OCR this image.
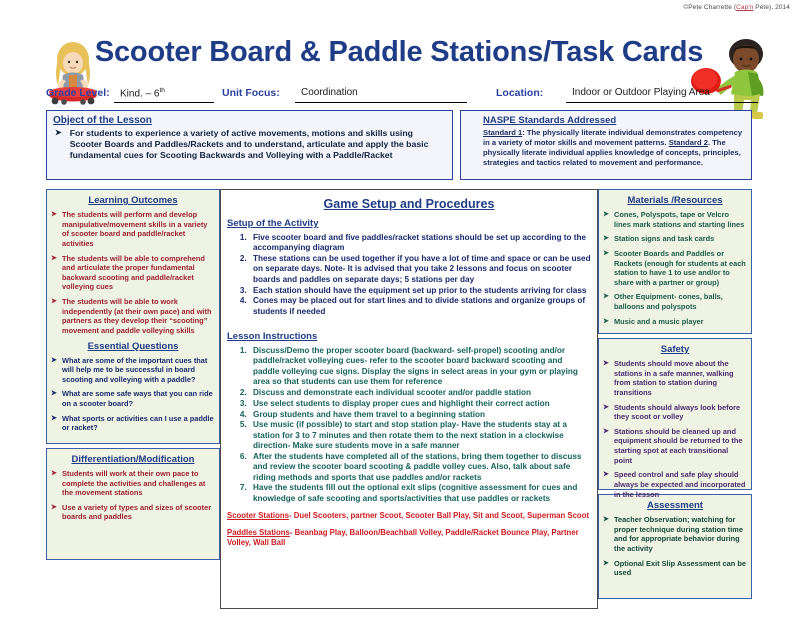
©Pete Charrette (Cap'n Pete), 2014
Scooter Board & Paddle Stations/Task Cards
Grade Level:	Kind. – 6th	Unit Focus:	Coordination	Location:	Indoor or Outdoor Playing Area
Object of the Lesson
➤ For students to experience a variety of active movements, motions and skills using Scooter Boards and Paddles/Rackets and to understand, articulate and apply the basic fundamental cues for Scooting Backwards and Volleying with a Paddle/Racket
NASPE Standards Addressed
Standard 1: The physically literate individual demonstrates competency in a variety of motor skills and movement patterns. Standard 2. The physically literate individual applies knowledge of concepts, principles, strategies and tactics related to movement and performance.
Learning Outcomes
➤ The students will perform and develop manipulative/movement skills in a variety of scooter board and paddle/racket activities
➤ The students will be able to comprehend and articulate the proper fundamental backward scooting and paddle/racket volleying cues
➤ The students will be able to work independently (at their own pace) and with partners as they develop their “scooting” movement and paddle volleying skills
Essential Questions
➤ What are some of the important cues that will help me to be successful in board scooting and volleying with a paddle?
➤ What are some safe ways that you can ride on a scooter board?
➤ What sports or activities can I use a paddle or racket?
Differentiation/Modification
➤ Students will work at their own pace to complete the activities and challenges at the movement stations
➤ Use a variety of types and sizes of scooter boards and paddles
Game Setup and Procedures
Setup of the Activity
1. Five scooter board and five paddles/racket stations should be set up according to the accompanying diagram
2. These stations can be used together if you have a lot of time and space or can be used on separate days. Note- It is advised that you take 2 lessons and focus on scooter boards and paddles on separate days; 5 stations per day
3. Each station should have the equipment set up prior to the students arriving for class
4. Cones may be placed out for start lines and to divide stations and organize groups of students if needed
Lesson Instructions
1. Discuss/Demo the proper scooter board (backward- self-propel) scooting and/or paddle/racket volleying cues- refer to the scooter board backward scooting and paddle volleying cue signs. Display the signs in select areas in your gym or playing area so that students can use them for reference
2. Discuss and demonstrate each individual scooter and/or paddle station
3. Use select students to display proper cues and highlight their correct action
4. Group students and have them travel to a beginning station
5. Use music (if possible) to start and stop station play- Have the students stay at a station for 3 to 7 minutes and then rotate them to the next station in a clockwise direction- Make sure students move in a safe manner
6. After the students have completed all of the stations, bring them together to discuss and review the scooter board scooting & paddle volley cues. Also, talk about safe riding methods and sports that use paddles and/or rackets
7. Have the students fill out the optional exit slips (cognitive assessment for cues and knowledge of safe scooting and sports/activities that use paddles or rackets
Scooter Stations- Duel Scooters, partner Scoot, Scooter Ball Play, Sit and Scoot, Superman Scoot
Paddles Stations- Beanbag Play, Balloon/Beachball Volley, Paddle/Racket Bounce Play, Partner Volley, Wall Ball
Materials /Resources
➤ Cones, Polyspots, tape or Velcro lines mark stations and starting lines
➤ Station signs and task cards
➤ Scooter Boards and Paddles or Rackets (enough for students at each station to have 1 to use and/or to share with a partner or group)
➤ Other Equipment- cones, balls, balloons and polyspots
➤ Music and a music player
Safety
➤ Students should move about the stations in a safe manner, walking from station to station during transitions
➤ Students should always look before they scoot or volley
➤ Stations should be cleaned up and equipment should be returned to the starting spot at each transitional point
➤ Speed control and safe play should always be expected and incorporated in the lesson
Assessment
➤ Teacher Observation; watching for proper technique during station time and for appropriate behavior during the activity
➤ Optional Exit Slip Assessment can be used
